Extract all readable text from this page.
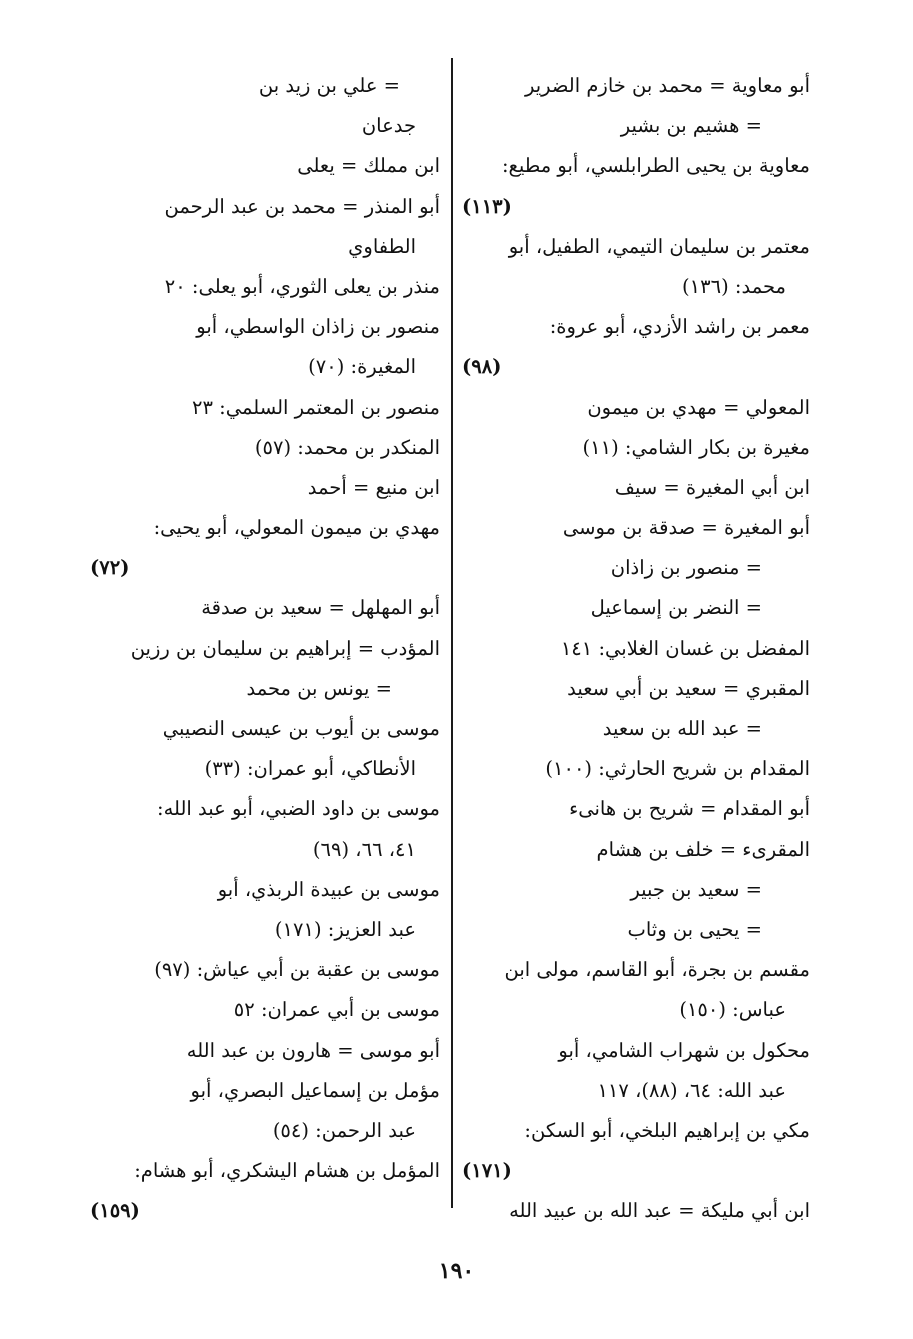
أبو معاوية = محمد بن خازم الضرير
= هشيم بن بشير
معاوية بن يحيى الطرابلسي، أبو مطيع:
(١١٣)
معتمر بن سليمان التيمي، الطفيل، أبو
محمد: (١٣٦)
معمر بن راشد الأزدي، أبو عروة:
(٩٨)
المعولي = مهدي بن ميمون
مغيرة بن بكار الشامي: (١١)
ابن أبي المغيرة = سيف
أبو المغيرة = صدقة بن موسى
= منصور بن زاذان
= النضر بن إسماعيل
المفضل بن غسان الغلابي: ١٤١
المقبري = سعيد بن أبي سعيد
= عبد الله بن سعيد
المقدام بن شريح الحارثي: (١٠٠)
أبو المقدام = شريح بن هانىء
المقرىء = خلف بن هشام
= سعيد بن جبير
= يحيى بن وثاب
مقسم بن بجرة، أبو القاسم، مولى ابن
عباس: (١٥٠)
محكول بن شهراب الشامي، أبو
عبد الله: ٦٤، (٨٨)، ١١٧
مكي بن إبراهيم البلخي، أبو السكن:
(١٧١)
ابن أبي مليكة = عبد الله بن عبيد الله
= علي بن زيد بن
جدعان
ابن مملك = يعلى
أبو المنذر = محمد بن عبد الرحمن
الطفاوي
منذر بن يعلى الثوري، أبو يعلى: ٢٠
منصور بن زاذان الواسطي، أبو
المغيرة: (٧٠)
منصور بن المعتمر السلمي: ٢٣
المنكدر بن محمد: (٥٧)
ابن منيع = أحمد
مهدي بن ميمون المعولي، أبو يحيى:
(٧٢)
أبو المهلهل = سعيد بن صدقة
المؤدب = إبراهيم بن سليمان بن رزين
= يونس بن محمد
موسى بن أيوب بن عيسى النصيبي
الأنطاكي، أبو عمران: (٣٣)
موسى بن داود الضبي، أبو عبد الله:
٤١، ٦٦، (٦٩)
موسى بن عبيدة الربذي، أبو
عبد العزيز: (١٧١)
موسى بن عقبة بن أبي عياش: (٩٧)
موسى بن أبي عمران: ٥٢
أبو موسى = هارون بن عبد الله
مؤمل بن إسماعيل البصري، أبو
عبد الرحمن: (٥٤)
المؤمل بن هشام اليشكري، أبو هشام:
(١٥٩)
١٩٠
